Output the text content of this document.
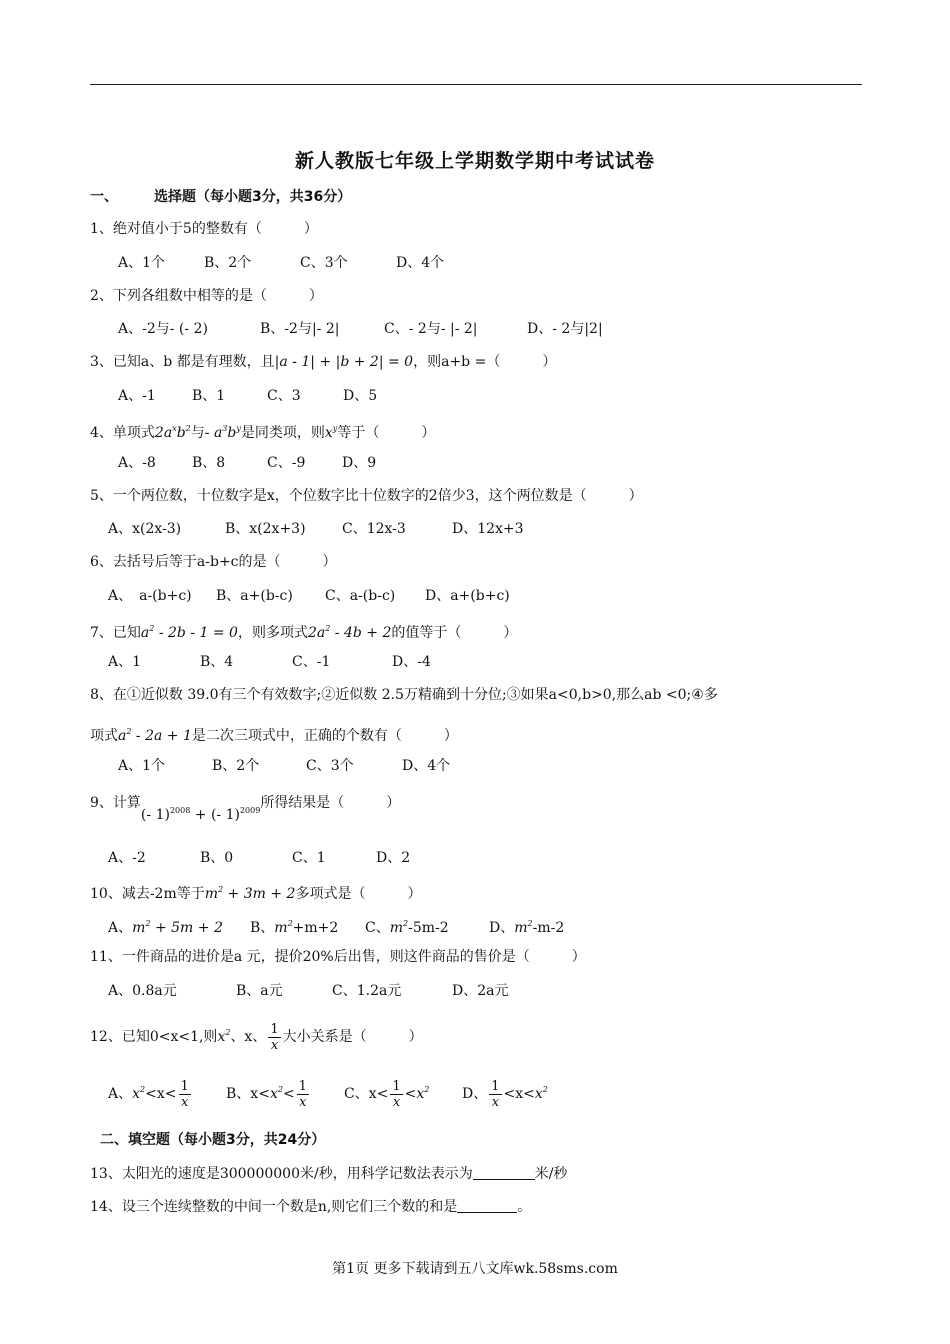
新人教版七年级上学期数学期中考试试卷
一、	选择题（每小题3分，共36分）
1、绝对值小于5的整数有（　　　）
A、1个	B、2个	C、3个	D、4个
2、下列各组数中相等的是（　　　）
A、-2与- (- 2)	B、-2与|- 2|	C、- 2与- |- 2|	D、- 2与|2|
3、已知a、b 都是有理数，且|a - 1| + |b + 2| = 0，则a+b =（　　　）
A、-1	B、1	C、3	D、5
4、单项式$2a^xb^2$与- $a^3b^y$是同类项，则$x^y$等于（　　　）
A、-8	B、8	C、-9	D、9
5、一个两位数，十位数字是x，个位数字比十位数字的2倍少3，这个两位数是（　　　）
A、x(2x-3)	B、x(2x+3)	C、12x-3	D、12x+3
6、去括号后等于a-b+c的是（　　　）
A、　a-(b+c) B、a+(b-c) C、a-(b-c) D、a+(b+c)
7、已知$a^2 - 2b - 1 = 0$，则多项式$2a^2 - 4b + 2$的值等于（　　　）
A、1	B、4	C、-1	D、-4
8、在①近似数 39.0有三个有效数字;②近似数 2.5万精确到十分位;③如果a<0,b>0,那么ab <0;④多
项式$a^2 - 2a + 1$是二次三项式中，正确的个数有（　　　）
A、1个	B、2个	C、3个	D、4个
9、计算(- 1)$^{2008}$ + (- 1)$^{2009}$所得结果是（　　　）
A、-2	B、0	C、1	D、2
10、减去-2m等于$m^2 + 3m + 2$多项式是（　　　）
A、$m^2 + 5m + 2$ B、$m^2+m+2$ C、$m^2-5m-2$	D、$m^2-m-2$
11、一件商品的进价是a 元，提价20%后出售，则这件商品的售价是（　　　）
A、0.8a元	B、a元	C、1.2a元	D、2a元
12、已知0<x<1,则$x^2$、x、 $\frac{1}{x}$ 大小关系是（　　　）
A、$x^2<x< \frac{1}{x}$	B、$x<x^2< \frac{1}{x}$	C、$x< \frac{1}{x} <x^2$ D、 $\frac{1}{x} <x<x^2$
二、填空题（每小题3分，共24分）
13、太阳光的速度是300000000米/秒，用科学记数法表示为	米/秒
14、设三个连续整数的中间一个数是n,则它们三个数的和是	。
第1页 更多下载请到五八文库wk.58sms.com
